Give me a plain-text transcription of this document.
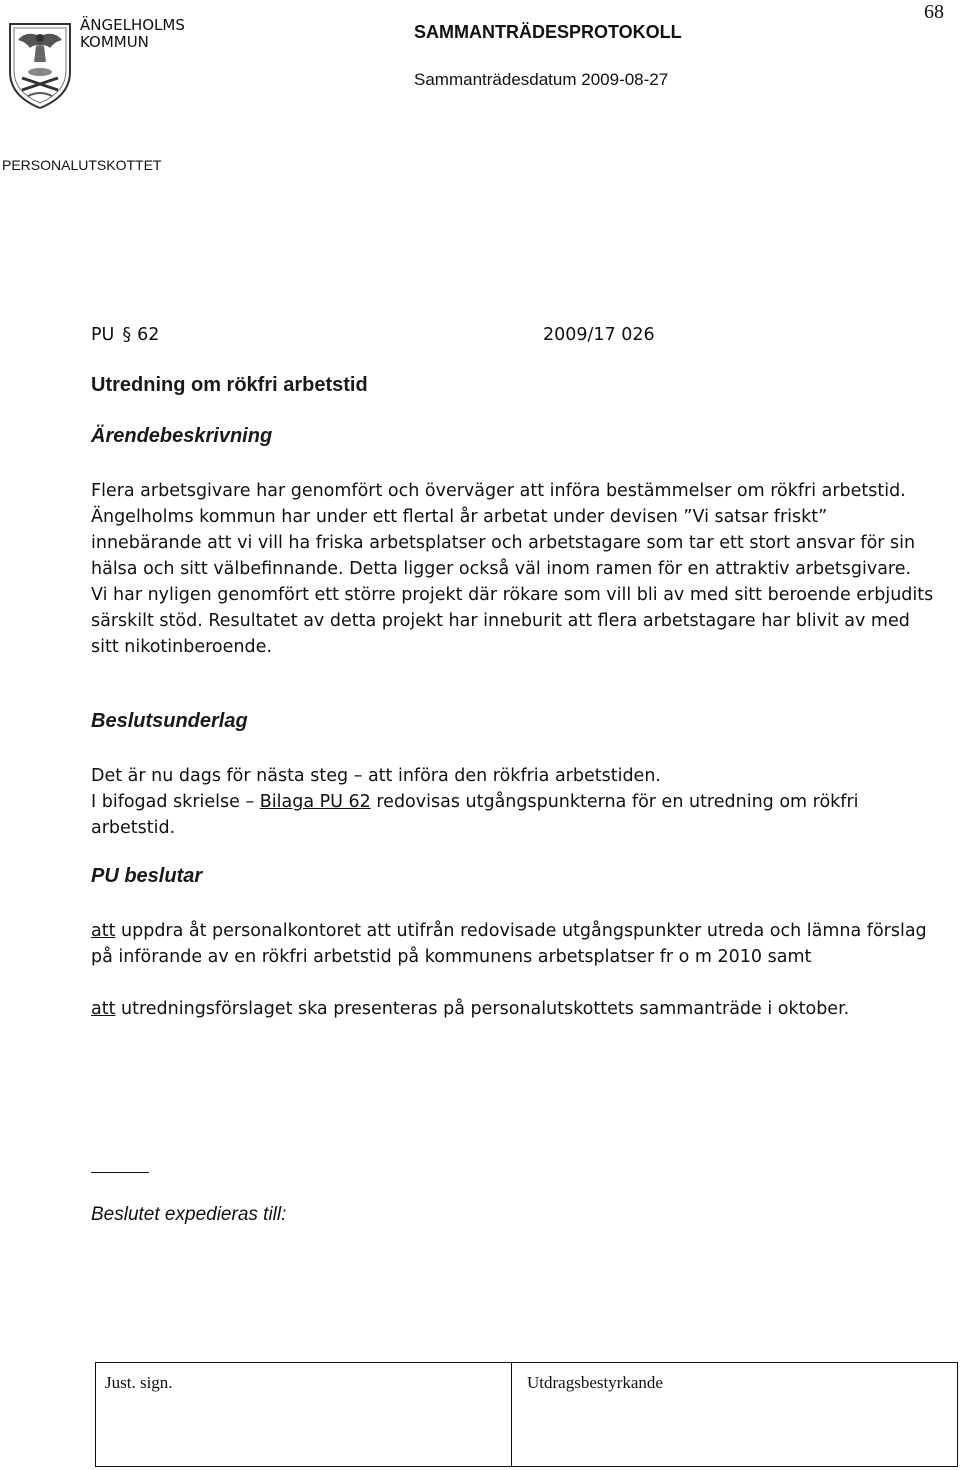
ÄNGELHOLMS
KOMMUN	SAMMANTRÄDESPROTOKOLL
Sammanträdesdatum 2009-08-27
68
PERSONALUTSKOTTET
PU § 62	2009/17 026
Utredning om rökfri arbetstid
Ärendebeskrivning
Flera arbetsgivare har genomfört och överväger att införa bestämmelser om rökfri arbetstid. Ängelholms kommun har under ett flertal år arbetat under devisen ”Vi satsar friskt” innebärande att vi vill ha friska arbetsplatser och arbetstagare som tar ett stort ansvar för sin hälsa och sitt välbefinnande. Detta ligger också väl inom ramen för en attraktiv arbetsgivare.
Vi har nyligen genomfört ett större projekt där rökare som vill bli av med sitt beroende erbjudits särskilt stöd. Resultatet av detta projekt har inneburit att flera arbetstagare har blivit av med sitt nikotinberoende.
Beslutsunderlag
Det är nu dags för nästa steg – att införa den rökfria arbetstiden.
I bifogad skrielse – Bilaga PU 62 redovisas utgångspunkterna för en utredning om rökfri arbetstid.
PU beslutar
att uppdra åt personalkontoret att utifrån redovisade utgångspunkter utreda och lämna förslag på införande av en rökfri arbetstid på kommunens arbetsplatser fr o m 2010 samt
att utredningsförslaget ska presenteras på personalutskottets sammanträde i oktober.
Beslutet expedieras till:
Just. sign.	Utdragsbestyrkande
